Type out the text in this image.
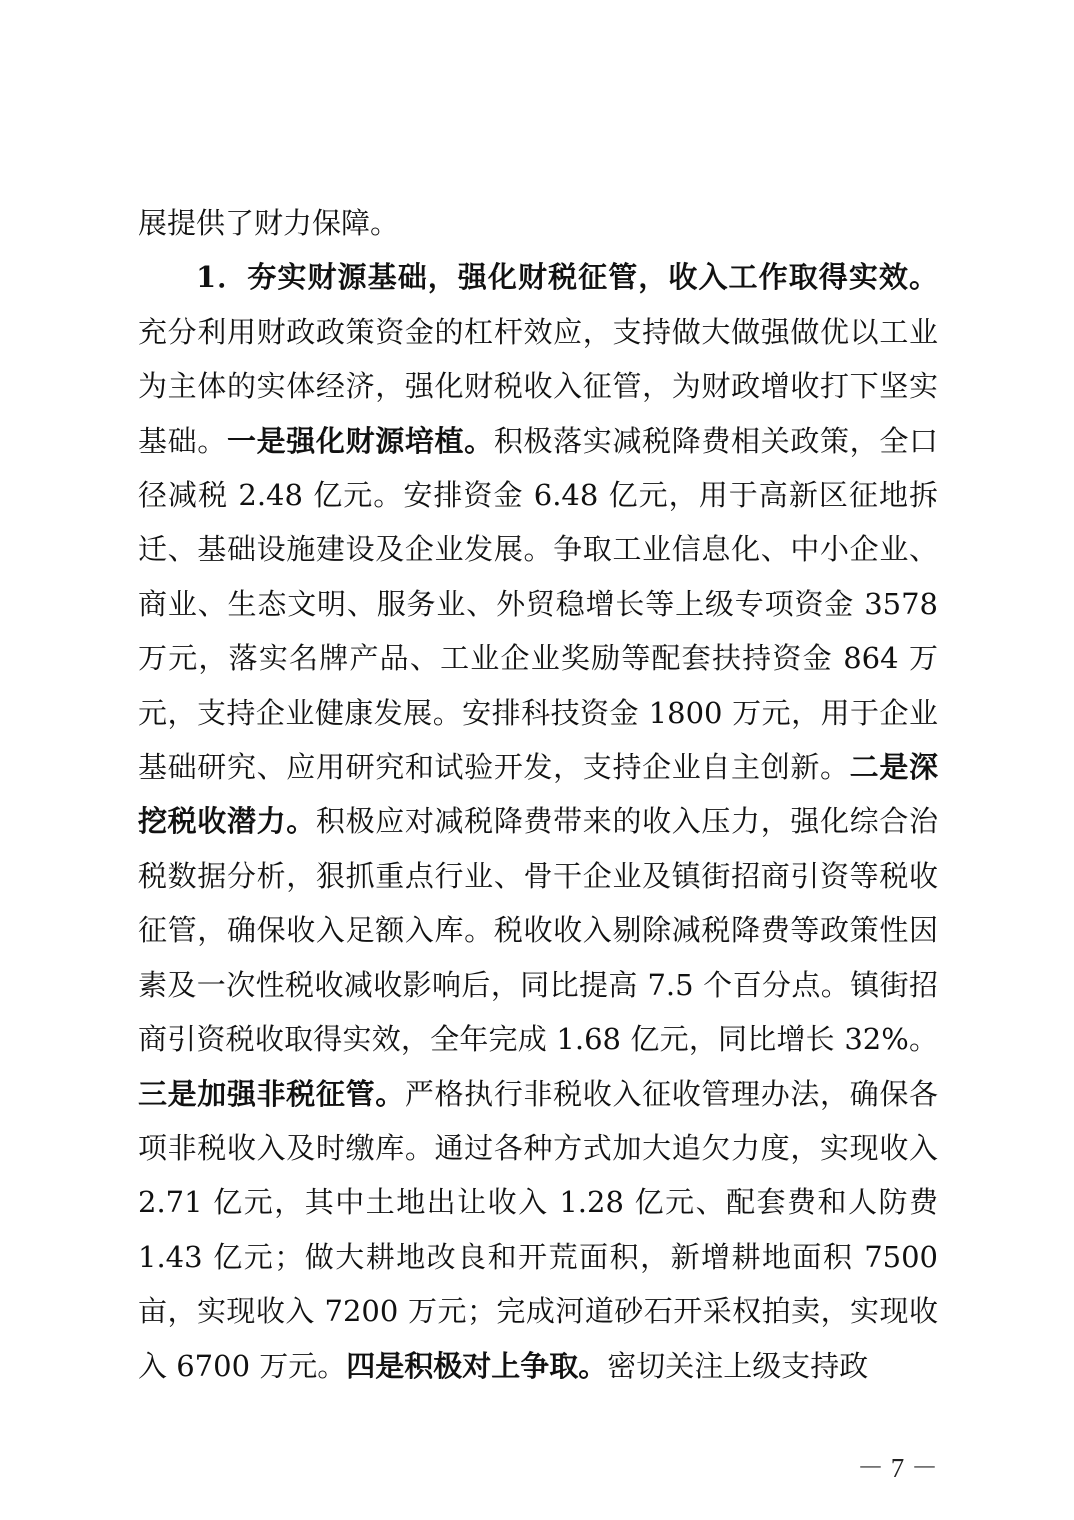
展提供了财力保障。

1．夯实财源基础，强化财税征管，收入工作取得实效。充分利用财政政策资金的杠杆效应，支持做大做强做优以工业为主体的实体经济，强化财税收入征管，为财政增收打下坚实基础。一是强化财源培植。积极落实减税降费相关政策，全口径减税 2.48 亿元。安排资金 6.48 亿元，用于高新区征地拆迁、基础设施建设及企业发展。争取工业信息化、中小企业、商业、生态文明、服务业、外贸稳增长等上级专项资金 3578 万元，落实名牌产品、工业企业奖励等配套扶持资金 864 万元，支持企业健康发展。安排科技资金 1800 万元，用于企业基础研究、应用研究和试验开发，支持企业自主创新。二是深挖税收潜力。积极应对减税降费带来的收入压力，强化综合治税数据分析，狠抓重点行业、骨干企业及镇街招商引资等税收征管，确保收入足额入库。税收收入剔除减税降费等政策性因素及一次性税收减收影响后，同比提高 7.5 个百分点。镇街招商引资税收取得实效，全年完成 1.68 亿元，同比增长 32%。三是加强非税征管。严格执行非税收入征收管理办法，确保各项非税收入及时缴库。通过各种方式加大追欠力度，实现收入 2.71 亿元，其中土地出让收入 1.28 亿元、配套费和人防费 1.43 亿元；做大耕地改良和开荒面积，新增耕地面积 7500 亩，实现收入 7200 万元；完成河道砂石开采权拍卖，实现收入 6700 万元。四是积极对上争取。密切关注上级支持政

－ 7 －
